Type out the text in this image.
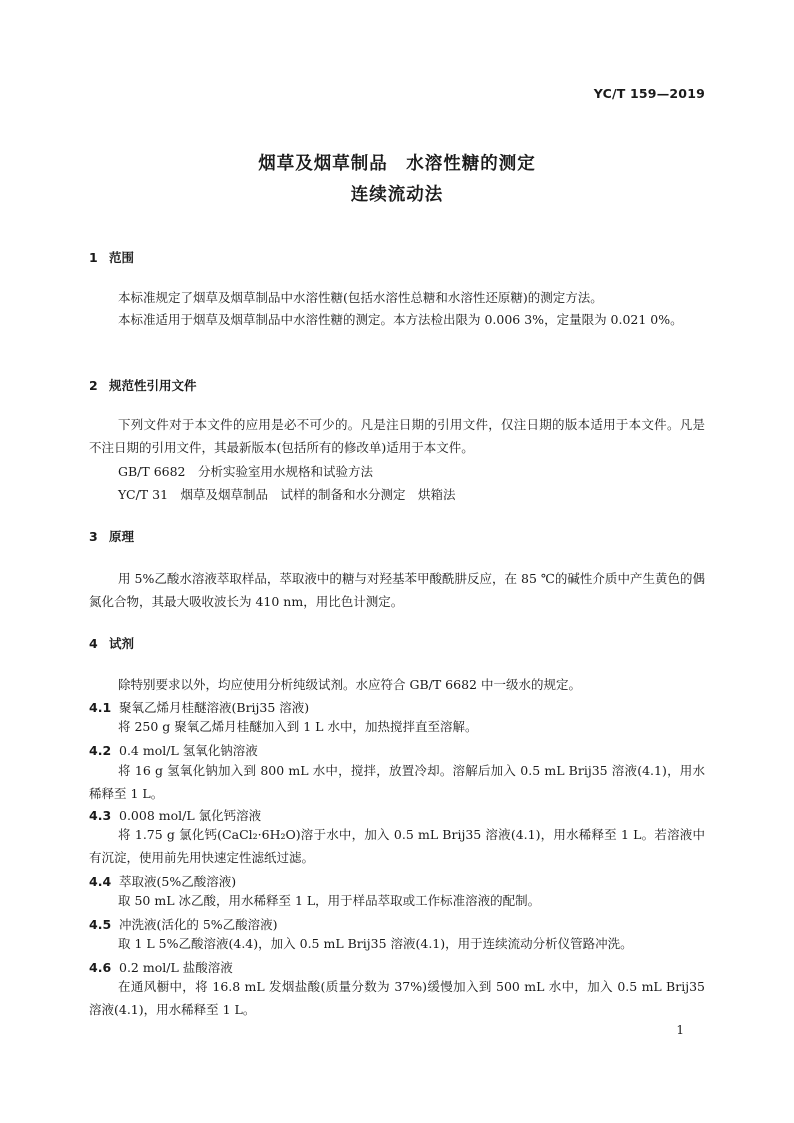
YC/T 159—2019
烟草及烟草制品　水溶性糖的测定
连续流动法
1 范围

本标准规定了烟草及烟草制品中水溶性糖(包括水溶性总糖和水溶性还原糖)的测定方法。

本标准适用于烟草及烟草制品中水溶性糖的测定。本方法检出限为 0.006 3%，定量限为 0.021 0%。

2 规范性引用文件

下列文件对于本文件的应用是必不可少的。凡是注日期的引用文件，仅注日期的版本适用于本文件。凡是不注日期的引用文件，其最新版本(包括所有的修改单)适用于本文件。

GB/T 6682　分析实验室用水规格和试验方法
YC/T 31　烟草及烟草制品　试样的制备和水分测定　烘箱法
3 原理

用 5%乙酸水溶液萃取样品，萃取液中的糖与对羟基苯甲酸酰肼反应，在 85 ℃的碱性介质中产生黄色的偶氮化合物，其最大吸收波长为 410 nm，用比色计测定。

4 试剂

除特别要求以外，均应使用分析纯级试剂。水应符合 GB/T 6682 中一级水的规定。

4.1 聚氧乙烯月桂醚溶液(Brij35 溶液)

将 250 g 聚氧乙烯月桂醚加入到 1 L 水中，加热搅拌直至溶解。

4.2 0.4 mol/L 氢氧化钠溶液

将 16 g 氢氧化钠加入到 800 mL 水中，搅拌，放置冷却。溶解后加入 0.5 mL Brij35 溶液(4.1)，用水稀释至 1 L。

4.3 0.008 mol/L 氯化钙溶液

将 1.75 g 氯化钙(CaCl₂·6H₂O)溶于水中，加入 0.5 mL Brij35 溶液(4.1)，用水稀释至 1 L。若溶液中有沉淀，使用前先用快速定性滤纸过滤。

4.4 萃取液(5%乙酸溶液)

取 50 mL 冰乙酸，用水稀释至 1 L，用于样品萃取或工作标准溶液的配制。

4.5 冲洗液(活化的 5%乙酸溶液)

取 1 L 5%乙酸溶液(4.4)，加入 0.5 mL Brij35 溶液(4.1)，用于连续流动分析仪管路冲洗。

4.6 0.2 mol/L 盐酸溶液

在通风橱中，将 16.8 mL 发烟盐酸(质量分数为 37%)缓慢加入到 500 mL 水中，加入 0.5 mL Brij35 溶液(4.1)，用水稀释至 1 L。

1
